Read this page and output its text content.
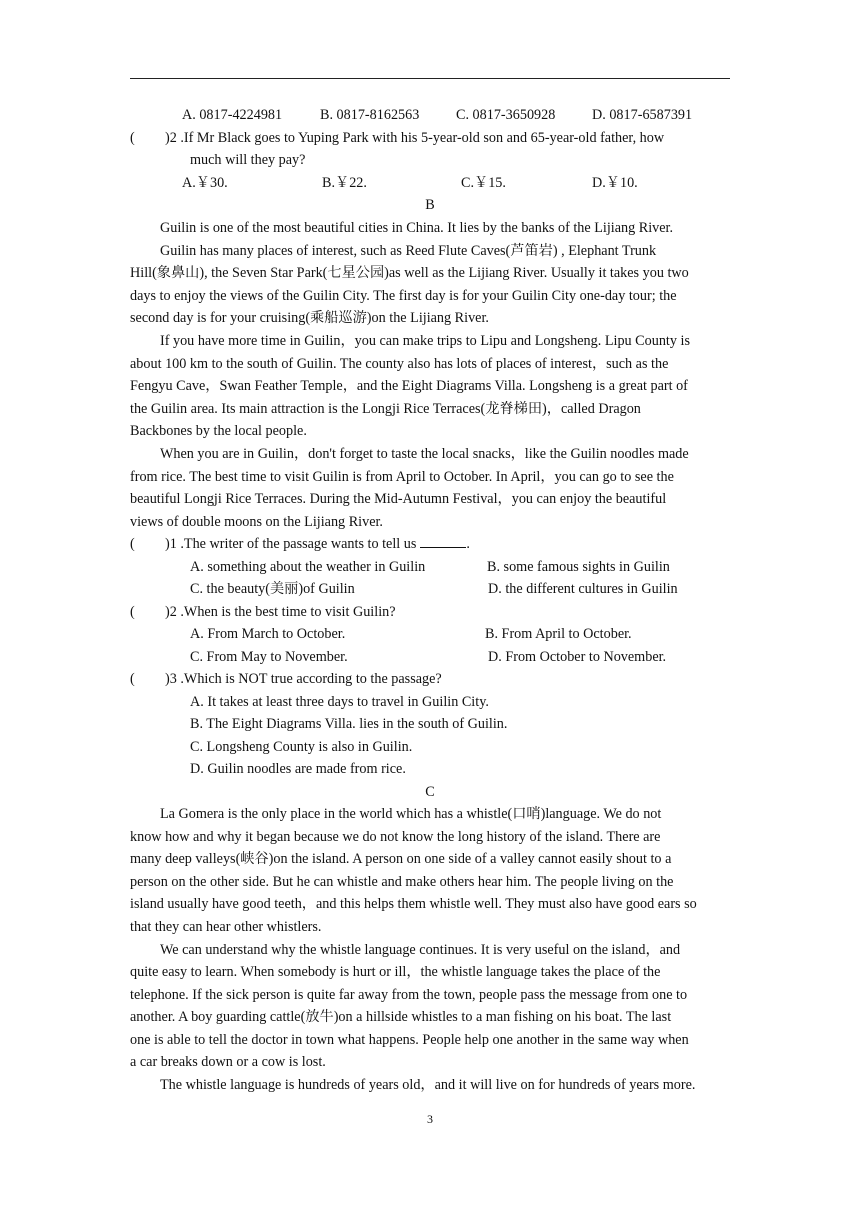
A. 0817-4224981	B. 0817-8162563	C. 0817-3650928	D. 0817-6587391
( )2 .If Mr Black goes to Yuping Park with his 5-year-old son and 65-year-old father, how
much will they pay?
A.￥30.	B.￥22.	C.￥15.	D.￥10.
B
Guilin is one of the most beautiful cities in China. It lies by the banks of the Lijiang River.
Guilin has many places of interest, such as Reed Flute Caves(芦笛岩) , Elephant Trunk
Hill(象鼻山), the Seven Star Park(七星公园)as well as the Lijiang River. Usually it takes you two
days to enjoy the views of the Guilin City. The first day is for your Guilin City one-day tour; the
second day is for your cruising(乘船巡游)on the Lijiang River.
If you have more time in Guilin，you can make trips to Lipu and Longsheng. Lipu County is
about 100 km to the south of Guilin. The county also has lots of places of interest，such as the
Fengyu Cave，Swan Feather Temple，and the Eight Diagrams Villa. Longsheng is a great part of
the Guilin area. Its main attraction is the Longji Rice Terraces(龙脊梯田)，called Dragon
Backbones by the local people.
When you are in Guilin，don't forget to taste the local snacks，like the Guilin noodles made
from rice. The best time to visit Guilin is from April to October. In April，you can go to see the
beautiful Longji Rice Terraces. During the Mid-Autumn Festival，you can enjoy the beautiful
views of double moons on the Lijiang River.
( )1 .The writer of the passage wants to tell us	.
A. something about the weather in Guilin	B. some famous sights in Guilin
C. the beauty(美丽)of Guilin	D. the different cultures in Guilin
( )2 .When is the best time to visit Guilin?
A. From March to October.	B. From April to October.
C. From May to November.	D. From October to November.
( )3 .Which is NOT true according to the passage?
A. It takes at least three days to travel in Guilin City.
B. The Eight Diagrams Villa. lies in the south of Guilin.
C. Longsheng County is also in Guilin.
D. Guilin noodles are made from rice.
C
La Gomera is the only place in the world which has a whistle(口哨)language. We do not
know how and why it began because we do not know the long history of the island. There are
many deep valleys(峡谷)on the island. A person on one side of a valley cannot easily shout to a
person on the other side. But he can whistle and make others hear him. The people living on the
island usually have good teeth，and this helps them whistle well. They must also have good ears so
that they can hear other whistlers.
We can understand why the whistle language continues. It is very useful on the island，and
quite easy to learn. When somebody is hurt or ill，the whistle language takes the place of the
telephone. If the sick person is quite far away from the town, people pass the message from one to
another. A boy guarding cattle(放牛)on a hillside whistles to a man fishing on his boat. The last
one is able to tell the doctor in town what happens. People help one another in the same way when
a car breaks down or a cow is lost.
The whistle language is hundreds of years old，and it will live on for hundreds of years more.
3
